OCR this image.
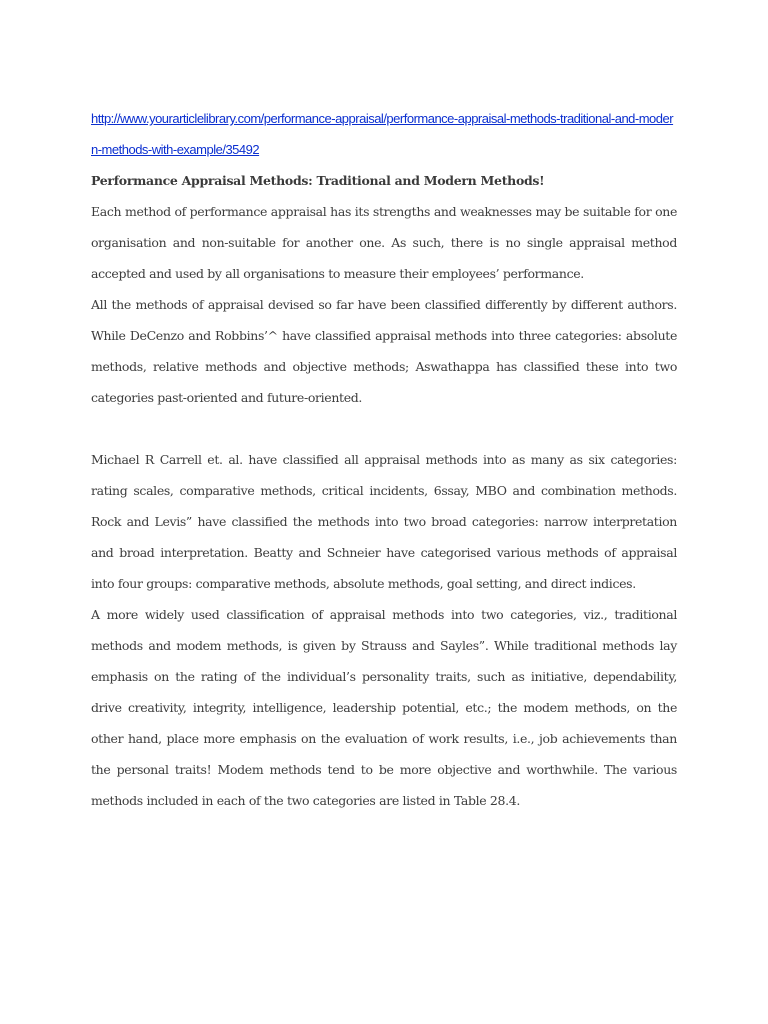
http://www.yourarticlelibrary.com/performance-appraisal/performance-appraisal-methods-traditional-and-modern-methods-with-example/35492

Performance Appraisal Methods: Traditional and Modern Methods!

Each method of performance appraisal has its strengths and weaknesses may be suitable for one organisation and non-suitable for another one. As such, there is no single appraisal method accepted and used by all organisations to measure their employees’ performance.

All the methods of appraisal devised so far have been classified differently by different authors. While DeCenzo and Robbins’^ have classified appraisal methods into three categories: absolute methods, relative methods and objective methods; Aswathappa has classified these into two categories past-oriented and future-oriented.

Michael R Carrell et. al. have classified all appraisal methods into as many as six categories: rating scales, comparative methods, critical incidents, 6ssay, MBO and combination methods. Rock and Levis” have classified the methods into two broad categories: narrow interpretation and broad interpretation. Beatty and Schneier have categorised various methods of appraisal into four groups: comparative methods, absolute methods, goal setting, and direct indices.

A more widely used classification of appraisal methods into two categories, viz., traditional methods and modem methods, is given by Strauss and Sayles”. While traditional methods lay emphasis on the rating of the individual’s personality traits, such as initiative, dependability, drive creativity, integrity, intelligence, leadership potential, etc.; the modem methods, on the other hand, place more emphasis on the evaluation of work results, i.e., job achievements than the personal traits! Modem methods tend to be more objective and worthwhile. The various methods included in each of the two categories are listed in Table 28.4.
